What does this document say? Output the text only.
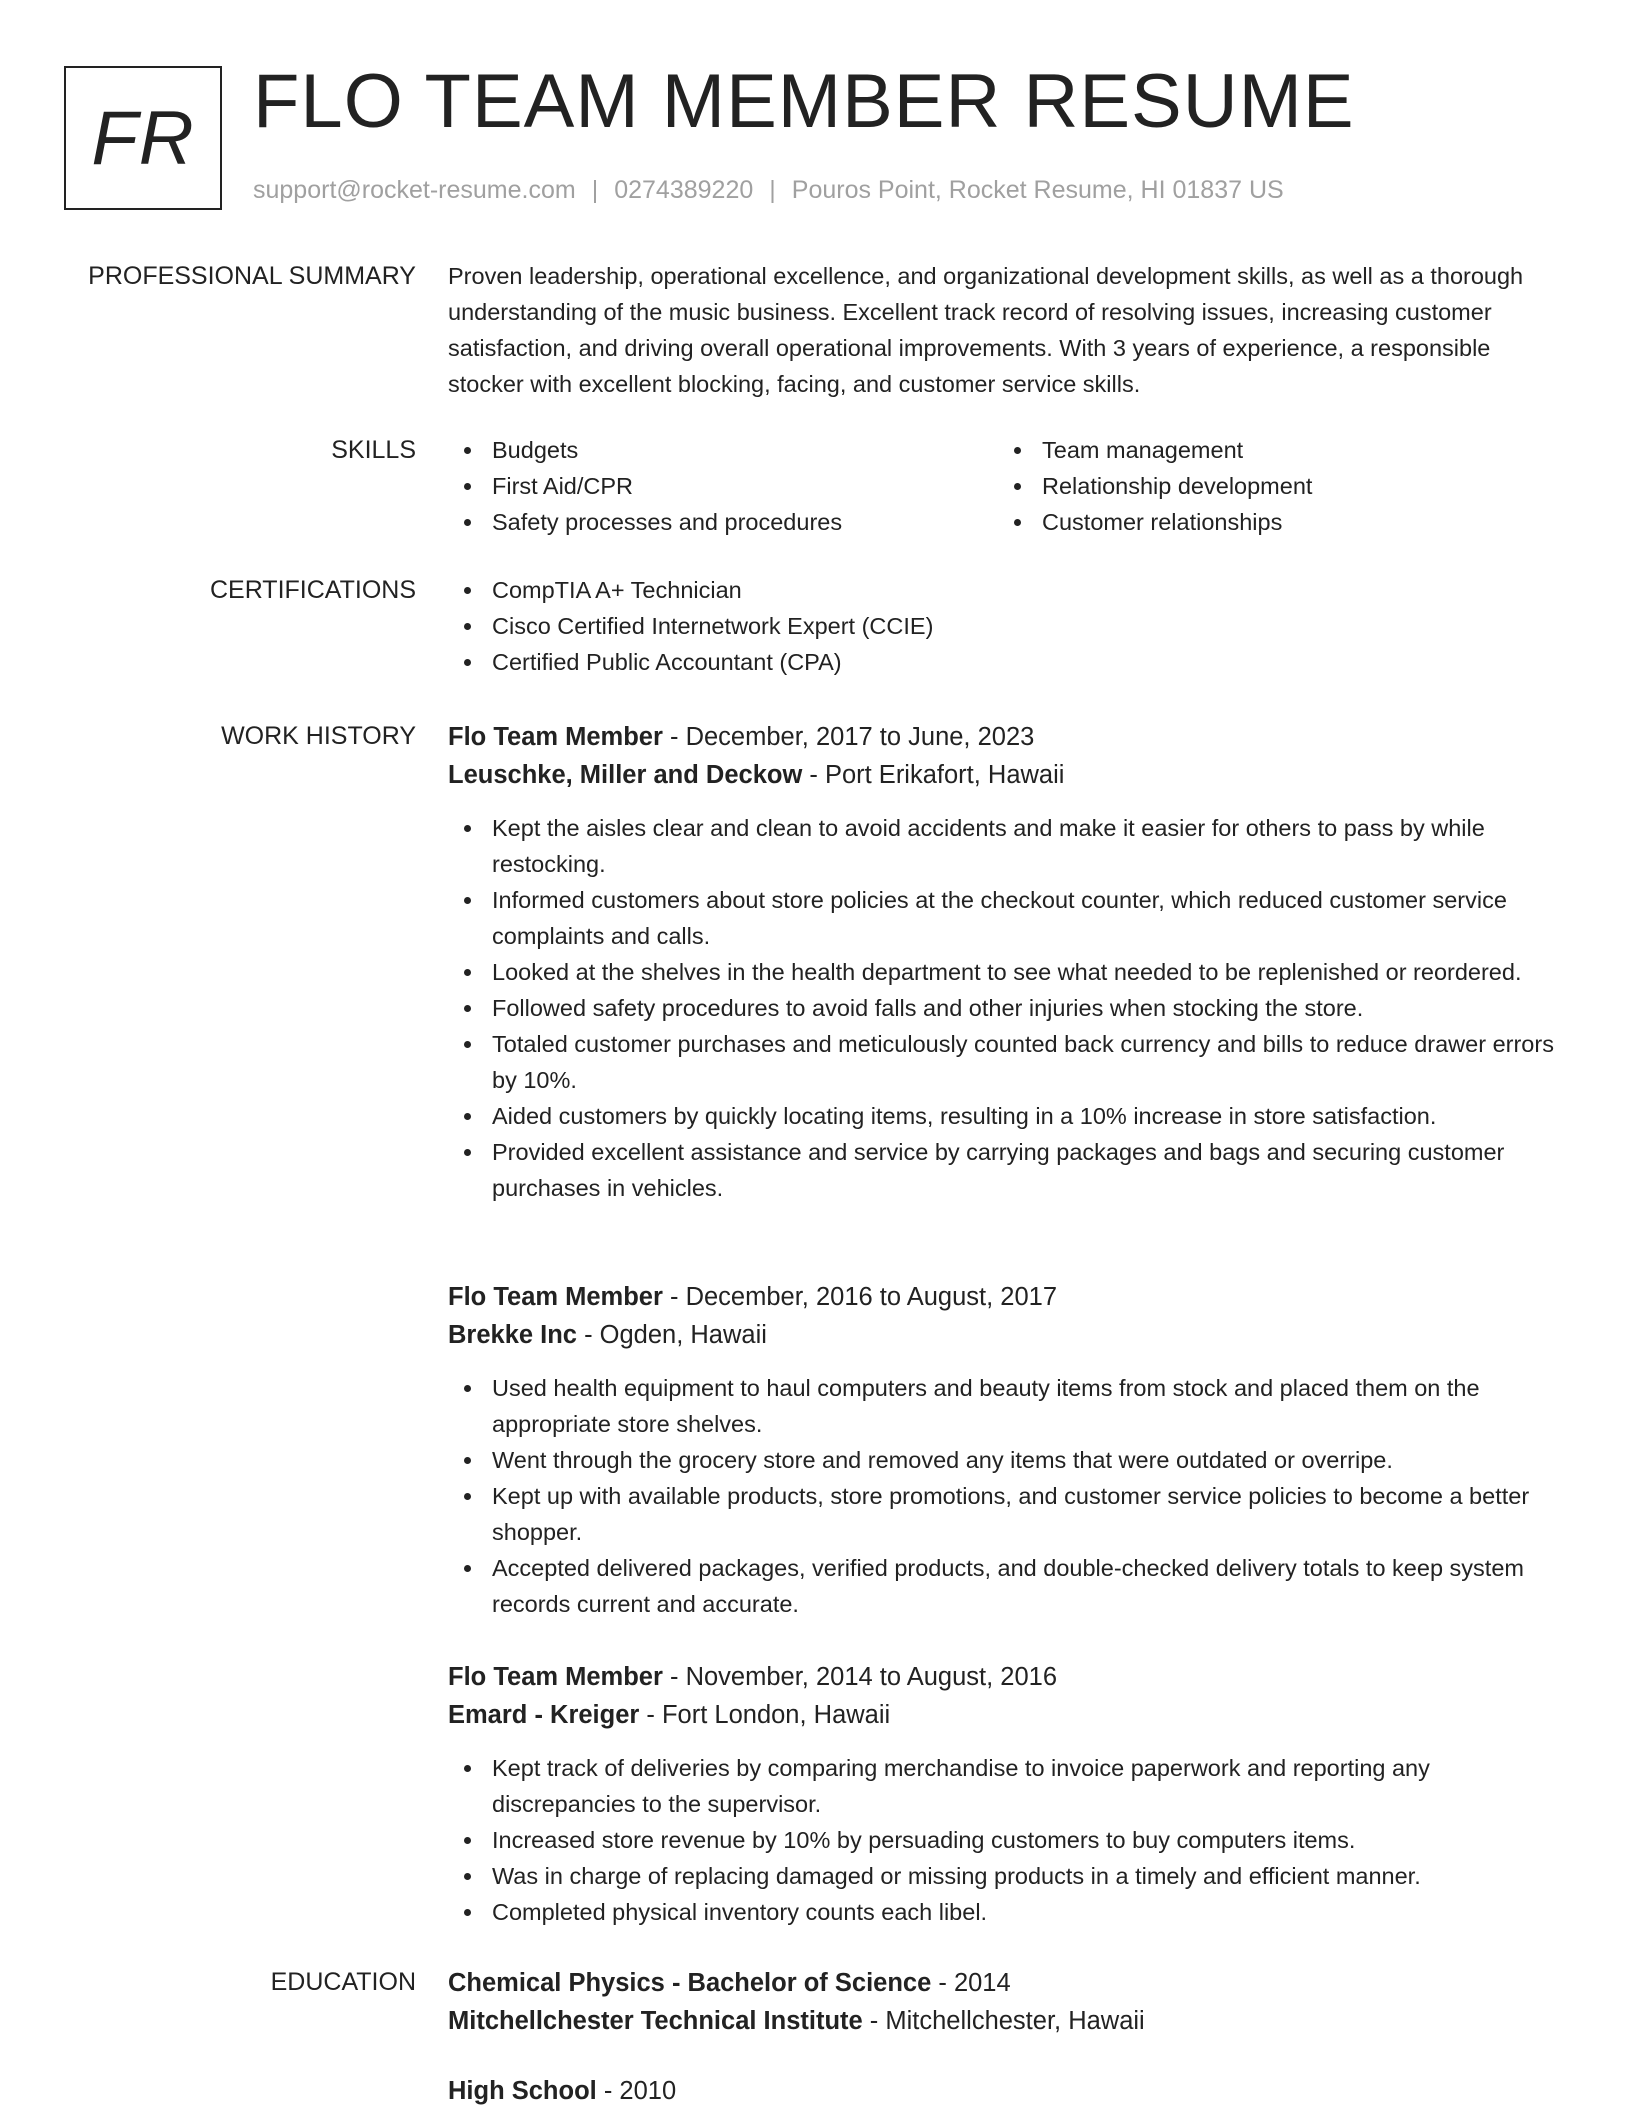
FR FLO TEAM MEMBER RESUME
support@rocket-resume.com | 0274389220 | Pouros Point, Rocket Resume, HI 01837 US
PROFESSIONAL SUMMARY Proven leadership, operational excellence, and organizational development skills, as well as a thorough understanding of the music business. Excellent track record of resolving issues, increasing customer satisfaction, and driving overall operational improvements. With 3 years of experience, a responsible stocker with excellent blocking, facing, and customer service skills.
SKILLS	Budgets
First Aid/CPR
Safety processes and procedures
Team management
Relationship development
Customer relationships
CERTIFICATIONS	CompTIA A+ Technician
Cisco Certified Internetwork Expert (CCIE)
Certified Public Accountant (CPA)
WORK HISTORY Flo Team Member - December, 2017 to June, 2023
Leuschke, Miller and Deckow - Port Erikafort, Hawaii
Kept the aisles clear and clean to avoid accidents and make it easier for others to pass by while restocking.
Informed customers about store policies at the checkout counter, which reduced customer service complaints and calls.
Looked at the shelves in the health department to see what needed to be replenished or reordered.
Followed safety procedures to avoid falls and other injuries when stocking the store.
Totaled customer purchases and meticulously counted back currency and bills to reduce drawer errors by 10%.
Aided customers by quickly locating items, resulting in a 10% increase in store satisfaction.
Provided excellent assistance and service by carrying packages and bags and securing customer purchases in vehicles.
Flo Team Member - December, 2016 to August, 2017
Brekke Inc - Ogden, Hawaii
Used health equipment to haul computers and beauty items from stock and placed them on the appropriate store shelves.
Went through the grocery store and removed any items that were outdated or overripe.
Kept up with available products, store promotions, and customer service policies to become a better shopper.
Accepted delivered packages, verified products, and double-checked delivery totals to keep system records current and accurate.
Flo Team Member - November, 2014 to August, 2016
Emard - Kreiger - Fort London, Hawaii
Kept track of deliveries by comparing merchandise to invoice paperwork and reporting any discrepancies to the supervisor.
Increased store revenue by 10% by persuading customers to buy computers items.
Was in charge of replacing damaged or missing products in a timely and efficient manner.
Completed physical inventory counts each libel.
EDUCATION Chemical Physics - Bachelor of Science - 2014
Mitchellchester Technical Institute - Mitchellchester, Hawaii
High School - 2010
